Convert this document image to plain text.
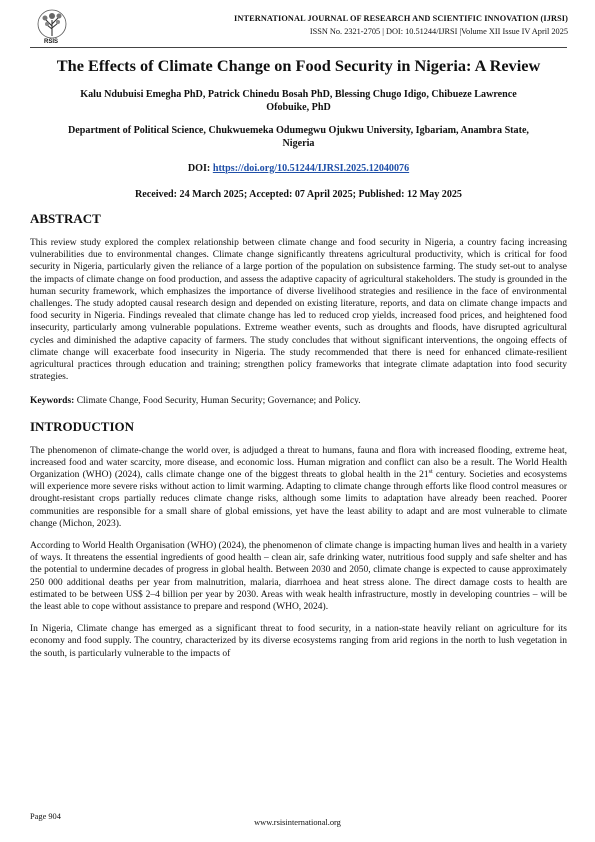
RSIS
INTERNATIONAL JOURNAL OF RESEARCH AND SCIENTIFIC INNOVATION (IJRSI)
ISSN No. 2321-2705 | DOI: 10.51244/IJRSI |Volume XII Issue IV April 2025
The Effects of Climate Change on Food Security in Nigeria: A Review
Kalu Ndubuisi Emegha PhD, Patrick Chinedu Bosah PhD, Blessing Chugo Idigo, Chibueze Lawrence Ofobuike, PhD
Department of Political Science, Chukwuemeka Odumegwu Ojukwu University, Igbariam, Anambra State, Nigeria
DOI: https://doi.org/10.51244/IJRSI.2025.12040076
Received: 24 March 2025; Accepted: 07 April 2025; Published: 12 May 2025
ABSTRACT

This review study explored the complex relationship between climate change and food security in Nigeria, a country facing increasing vulnerabilities due to environmental changes. Climate change significantly threatens agricultural productivity, which is critical for food security in Nigeria, particularly given the reliance of a large portion of the population on subsistence farming. The study set-out to analyse the impacts of climate change on food production, and assess the adaptive capacity of agricultural stakeholders. The study is grounded in the human security framework, which emphasizes the importance of diverse livelihood strategies and resilience in the face of environmental challenges. The study adopted causal research design and depended on existing literature, reports, and data on climate change impacts and food security in Nigeria. Findings revealed that climate change has led to reduced crop yields, increased food prices, and heightened food insecurity, particularly among vulnerable populations. Extreme weather events, such as droughts and floods, have disrupted agricultural cycles and diminished the adaptive capacity of farmers. The study concludes that without significant interventions, the ongoing effects of climate change will exacerbate food insecurity in Nigeria. The study recommended that there is need for enhanced climate-resilient agricultural practices through education and training; strengthen policy frameworks that integrate climate adaptation into food security strategies.

Keywords: Climate Change, Food Security, Human Security; Governance; and Policy.

INTRODUCTION

The phenomenon of climate-change the world over, is adjudged a threat to humans, fauna and flora with increased flooding, extreme heat, increased food and water scarcity, more disease, and economic loss. Human migration and conflict can also be a result. The World Health Organization (WHO) (2024), calls climate change one of the biggest threats to global health in the 21st century. Societies and ecosystems will experience more severe risks without action to limit warming. Adapting to climate change through efforts like flood control measures or drought-resistant crops partially reduces climate change risks, although some limits to adaptation have already been reached. Poorer communities are responsible for a small share of global emissions, yet have the least ability to adapt and are most vulnerable to climate change (Michon, 2023).

According to World Health Organisation (WHO) (2024), the phenomenon of climate change is impacting human lives and health in a variety of ways. It threatens the essential ingredients of good health – clean air, safe drinking water, nutritious food supply and safe shelter and has the potential to undermine decades of progress in global health. Between 2030 and 2050, climate change is expected to cause approximately 250 000 additional deaths per year from malnutrition, malaria, diarrhoea and heat stress alone. The direct damage costs to health are estimated to be between US$ 2–4 billion per year by 2030. Areas with weak health infrastructure, mostly in developing countries – will be the least able to cope without assistance to prepare and respond (WHO, 2024).

In Nigeria, Climate change has emerged as a significant threat to food security, in a nation-state heavily reliant on agriculture for its economy and food supply. The country, characterized by its diverse ecosystems ranging from arid regions in the north to lush vegetation in the south, is particularly vulnerable to the impacts of

Page 904
www.rsisinternational.org
